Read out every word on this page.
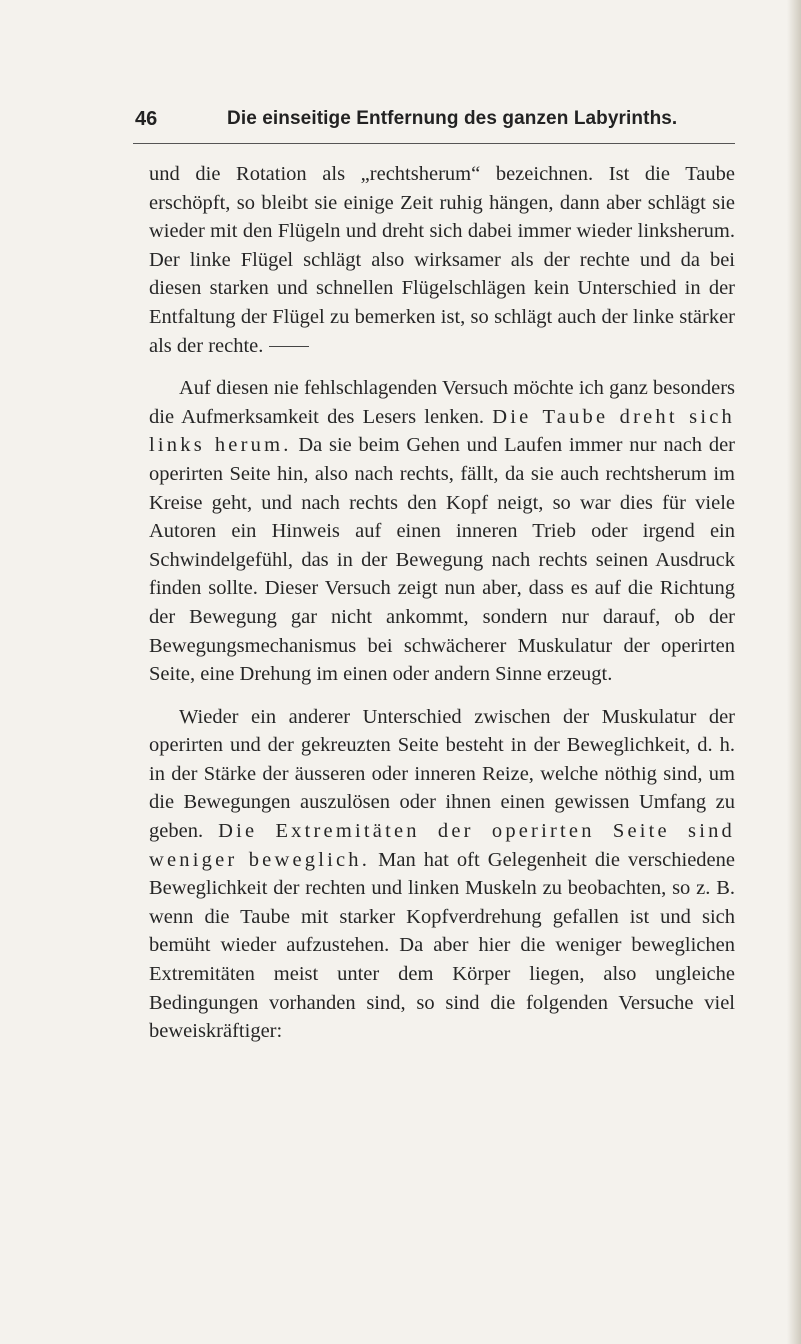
46	Die einseitige Entfernung des ganzen Labyrinths.

und die Rotation als „rechtsherum“ bezeichnen. Ist die Taube erschöpft, so bleibt sie einige Zeit ruhig hängen, dann aber schlägt sie wieder mit den Flügeln und dreht sich dabei immer wieder linksherum. Der linke Flügel schlägt also wirksamer als der rechte und da bei diesen starken und schnellen Flügelschlägen kein Unterschied in der Entfaltung der Flügel zu bemerken ist, so schlägt auch der linke stärker als der rechte.

Auf diesen nie fehlschlagenden Versuch möchte ich ganz besonders die Aufmerksamkeit des Lesers lenken. Die Taube dreht sich links herum. Da sie beim Gehen und Laufen immer nur nach der operirten Seite hin, also nach rechts, fällt, da sie auch rechtsherum im Kreise geht, und nach rechts den Kopf neigt, so war dies für viele Autoren ein Hinweis auf einen inneren Trieb oder irgend ein Schwindelgefühl, das in der Bewegung nach rechts seinen Ausdruck finden sollte. Dieser Versuch zeigt nun aber, dass es auf die Richtung der Bewegung gar nicht ankommt, sondern nur darauf, ob der Bewegungsmechanismus bei schwächerer Muskulatur der operirten Seite, eine Drehung im einen oder andern Sinne erzeugt.

Wieder ein anderer Unterschied zwischen der Muskulatur der operirten und der gekreuzten Seite besteht in der Beweglichkeit, d. h. in der Stärke der äusseren oder inneren Reize, welche nöthig sind, um die Bewegungen auszulösen oder ihnen einen gewissen Umfang zu geben. Die Extremitäten der operirten Seite sind weniger beweglich. Man hat oft Gelegenheit die verschiedene Beweglichkeit der rechten und linken Muskeln zu beobachten, so z. B. wenn die Taube mit starker Kopfverdrehung gefallen ist und sich bemüht wieder aufzustehen. Da aber hier die weniger beweglichen Extremitäten meist unter dem Körper liegen, also ungleiche Bedingungen vorhanden sind, so sind die folgenden Versuche viel beweiskräftiger:
